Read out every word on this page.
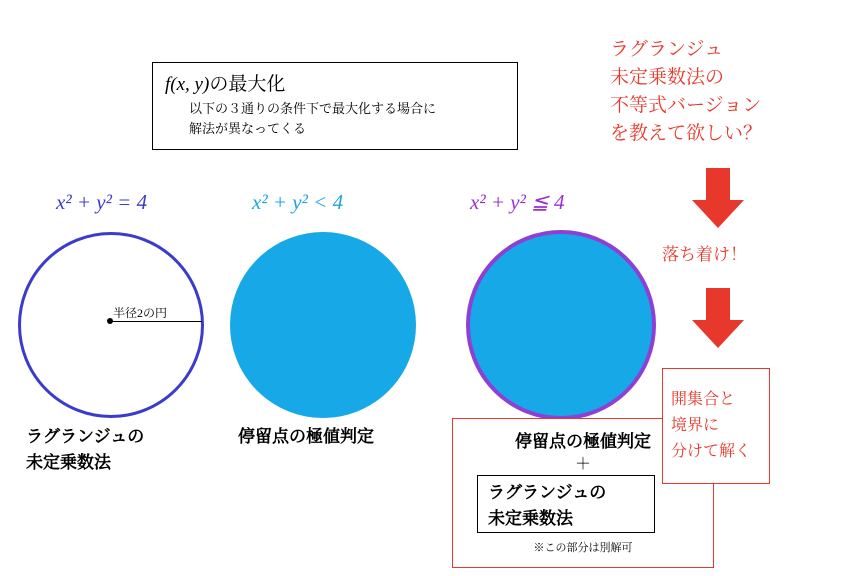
f(x, y)の最大化
以下の３通りの条件下で最大化する場合に
解法が異なってくる
x² + y² = 4	x² + y² < 4	x² + y² ≦ 4
半径2の円
ラグランジュの
未定乗数法
停留点の極値判定	停留点の極値判定
＋
ラグランジュの
未定乗数法
※この部分は別解可
ラグランジュ
未定乗数法の
不等式バージョン
を教えて欲しい？
落ち着け！
開集合と
境界に
分けて解く
